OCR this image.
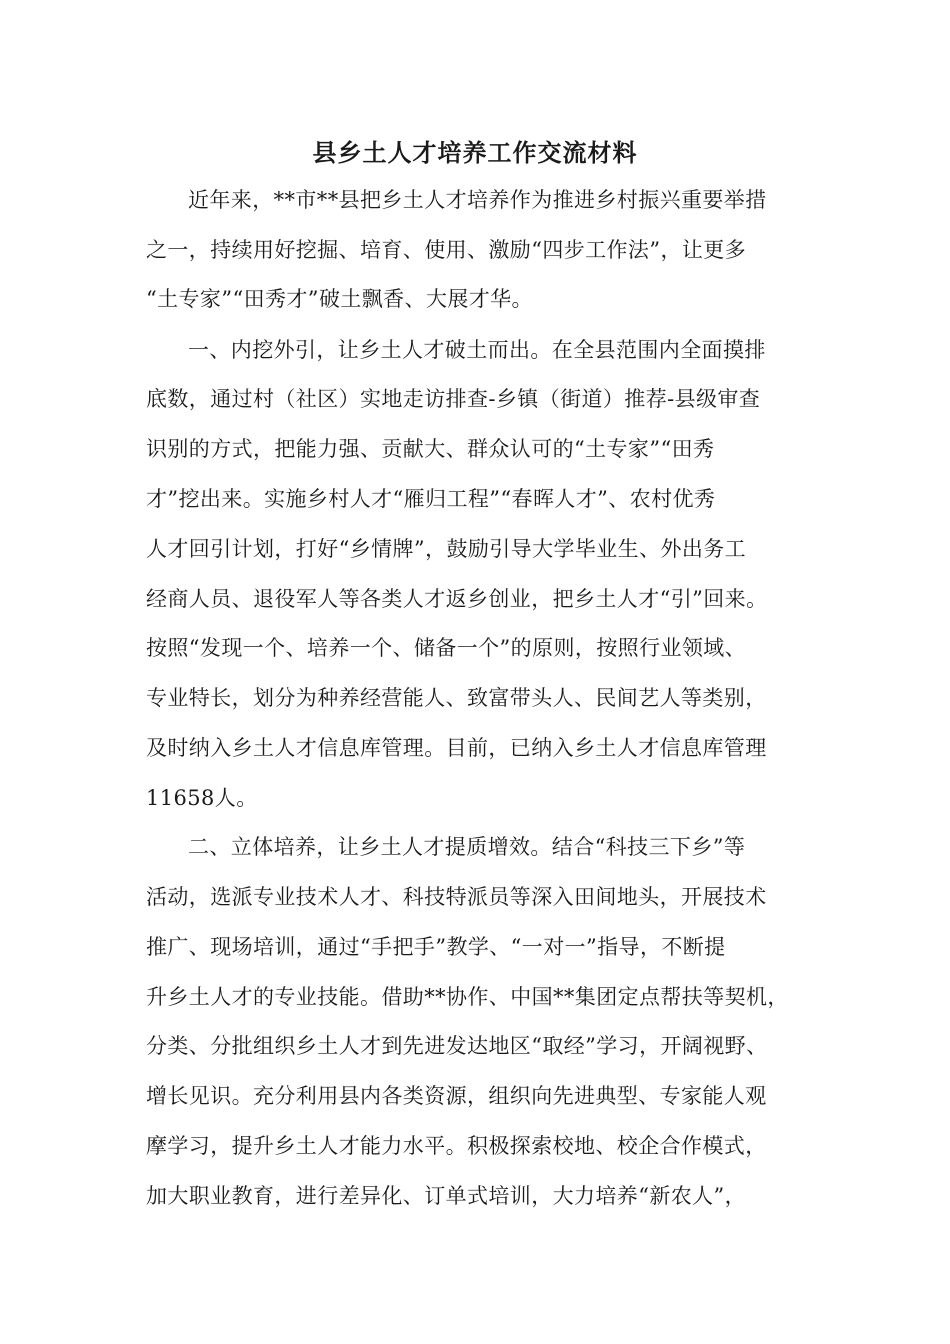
县乡土人才培养工作交流材料
近年来，**市**县把乡土人才培养作为推进乡村振兴重要举措
之一，持续用好挖掘、培育、使用、激励“四步工作法”，让更多
“土专家”“田秀才”破土飘香、大展才华。
一、内挖外引，让乡土人才破土而出。在全县范围内全面摸排
底数，通过村（社区）实地走访排查-乡镇（街道）推荐-县级审查
识别的方式，把能力强、贡献大、群众认可的“土专家”“田秀
才”挖出来。实施乡村人才“雁归工程”“春晖人才”、农村优秀
人才回引计划，打好“乡情牌”，鼓励引导大学毕业生、外出务工
经商人员、退役军人等各类人才返乡创业，把乡土人才“引”回来。
按照“发现一个、培养一个、储备一个”的原则，按照行业领域、
专业特长，划分为种养经营能人、致富带头人、民间艺人等类别，
及时纳入乡土人才信息库管理。目前，已纳入乡土人才信息库管理
11658人。
二、立体培养，让乡土人才提质增效。结合“科技三下乡”等
活动，选派专业技术人才、科技特派员等深入田间地头，开展技术
推广、现场培训，通过“手把手”教学、“一对一”指导，不断提
升乡土人才的专业技能。借助**协作、中国**集团定点帮扶等契机，
分类、分批组织乡土人才到先进发达地区“取经”学习，开阔视野、
增长见识。充分利用县内各类资源，组织向先进典型、专家能人观
摩学习，提升乡土人才能力水平。积极探索校地、校企合作模式，
加大职业教育，进行差异化、订单式培训，大力培养“新农人”，
